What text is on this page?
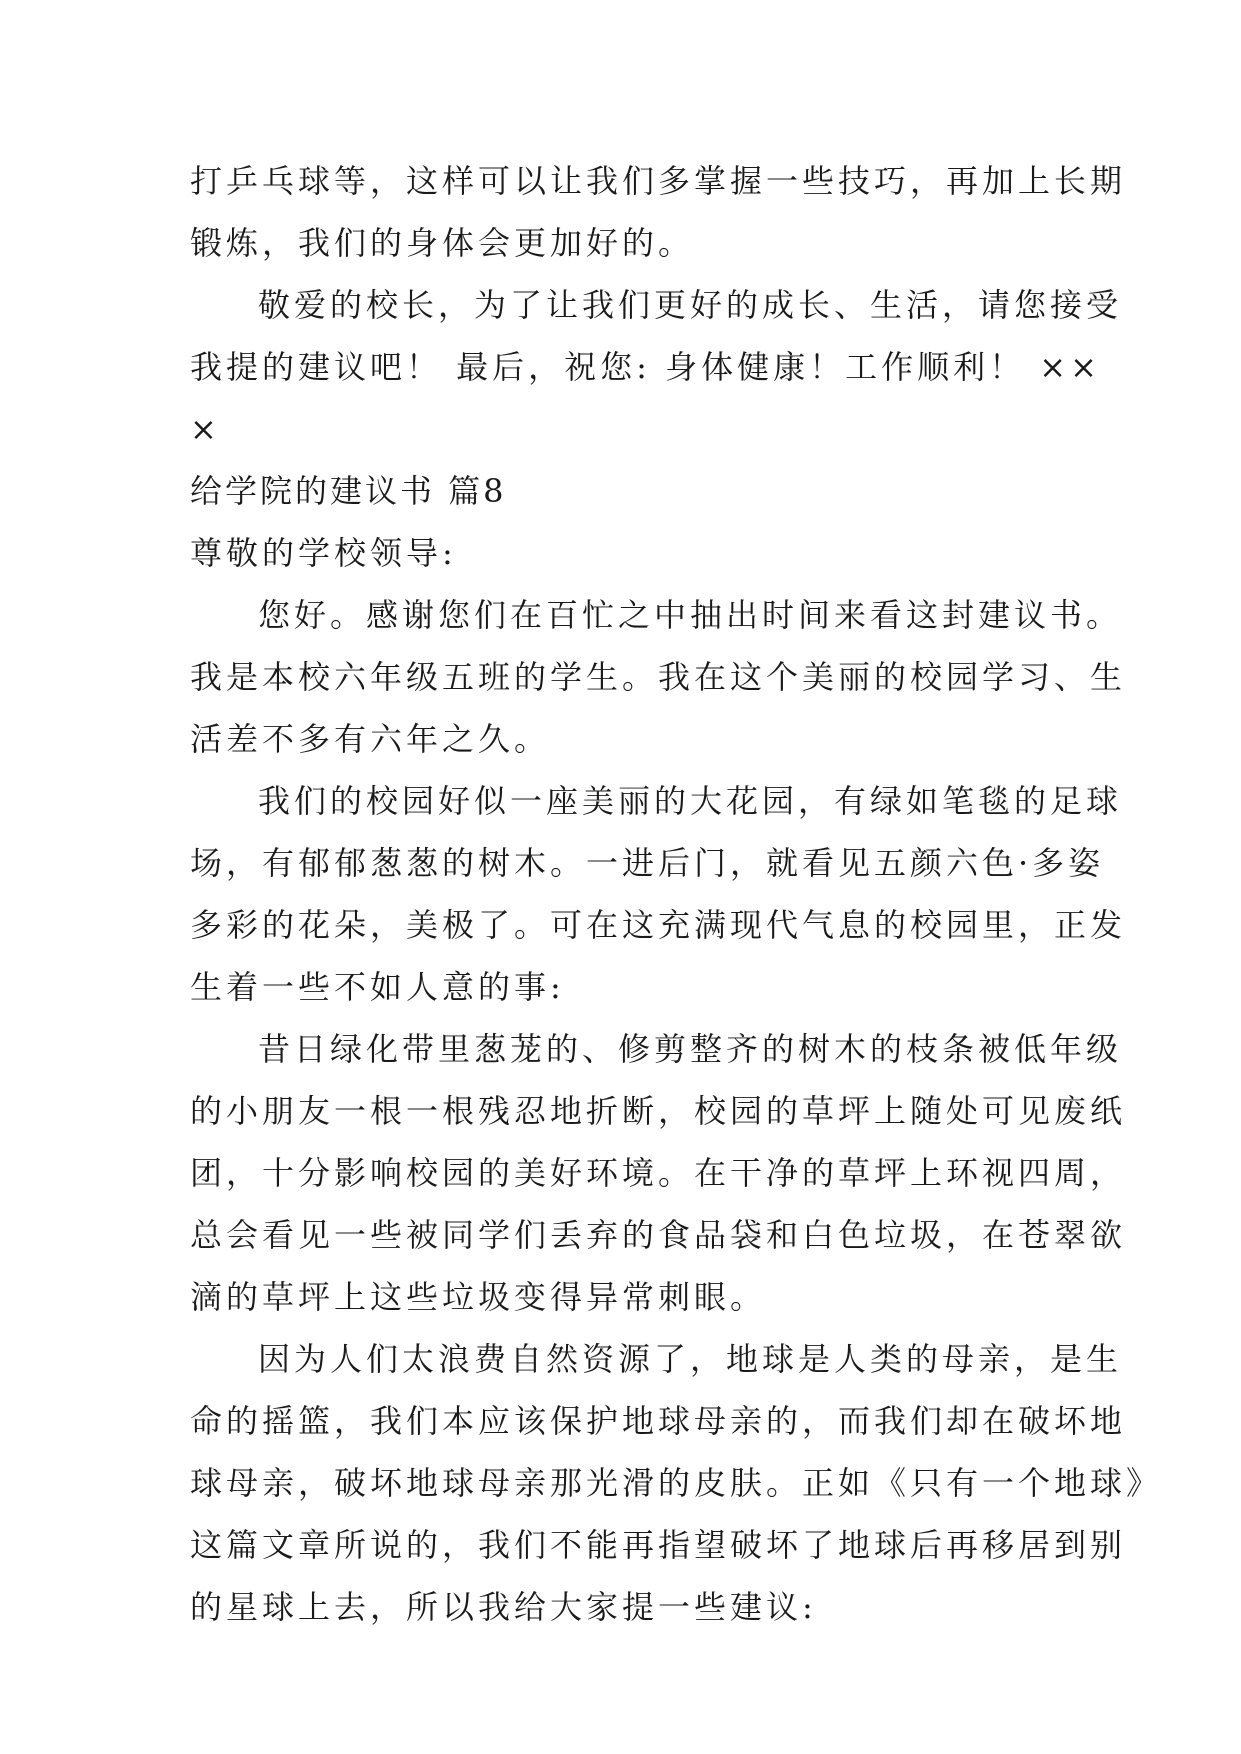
打乒乓球等，这样可以让我们多掌握一些技巧，再加上长期

锻炼，我们的身体会更加好的。

敬爱的校长，为了让我们更好的成长、生活，请您接受

我提的建议吧！ 最后，祝您: 身体健康！工作顺利！ ××

×

给学院的建议书 篇8

尊敬的学校领导:

您好。感谢您们在百忙之中抽出时间来看这封建议书。

我是本校六年级五班的学生。我在这个美丽的校园学习、生

活差不多有六年之久。

我们的校园好似一座美丽的大花园，有绿如笔毯的足球

场，有郁郁葱葱的树木。一进后门，就看见五颜六色·多姿

多彩的花朵，美极了。可在这充满现代气息的校园里，正发

生着一些不如人意的事:

昔日绿化带里葱茏的、修剪整齐的树木的枝条被低年级

的小朋友一根一根残忍地折断，校园的草坪上随处可见废纸

团，十分影响校园的美好环境。在干净的草坪上环视四周，

总会看见一些被同学们丢弃的食品袋和白色垃圾，在苍翠欲

滴的草坪上这些垃圾变得异常刺眼。

因为人们太浪费自然资源了，地球是人类的母亲，是生

命的摇篮，我们本应该保护地球母亲的，而我们却在破坏地

球母亲，破坏地球母亲那光滑的皮肤。正如《只有一个地球》

这篇文章所说的，我们不能再指望破坏了地球后再移居到别

的星球上去，所以我给大家提一些建议:
